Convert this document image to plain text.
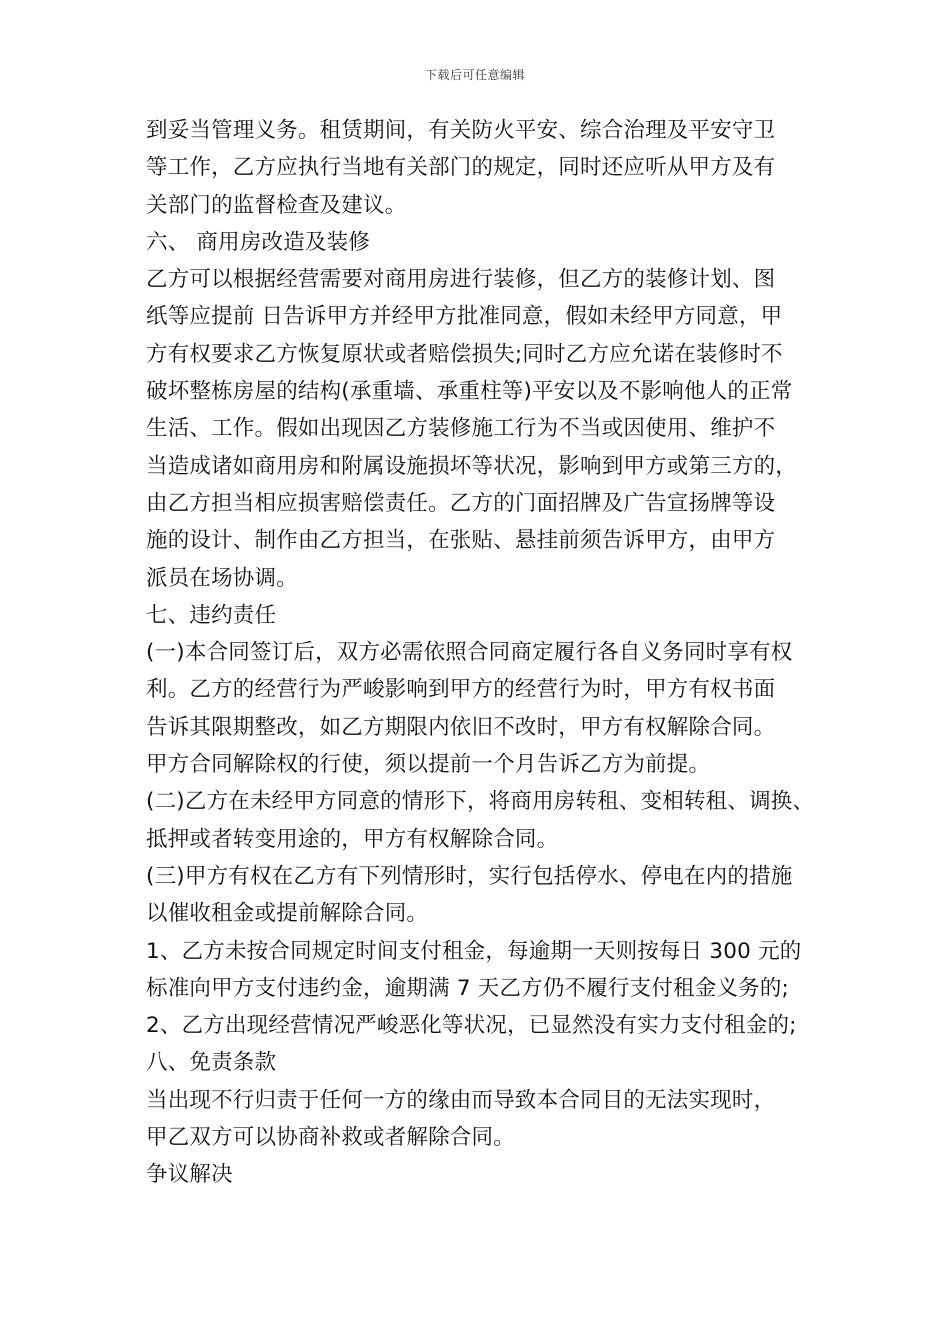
下载后可任意编辑
到妥当管理义务。租赁期间，有关防火平安、综合治理及平安守卫
等工作，乙方应执行当地有关部门的规定，同时还应听从甲方及有
关部门的监督检查及建议。
六、 商用房改造及装修
乙方可以根据经营需要对商用房进行装修，但乙方的装修计划、图
纸等应提前 日告诉甲方并经甲方批准同意，假如未经甲方同意，甲
方有权要求乙方恢复原状或者赔偿损失;同时乙方应允诺在装修时不
破坏整栋房屋的结构(承重墙、承重柱等)平安以及不影响他人的正常
生活、工作。假如出现因乙方装修施工行为不当或因使用、维护不
当造成诸如商用房和附属设施损坏等状况，影响到甲方或第三方的，
由乙方担当相应损害赔偿责任。乙方的门面招牌及广告宣扬牌等设
施的设计、制作由乙方担当，在张贴、悬挂前须告诉甲方，由甲方
派员在场协调。
七、违约责任
(一)本合同签订后，双方必需依照合同商定履行各自义务同时享有权
利。乙方的经营行为严峻影响到甲方的经营行为时，甲方有权书面
告诉其限期整改，如乙方期限内依旧不改时，甲方有权解除合同。
甲方合同解除权的行使，须以提前一个月告诉乙方为前提。
(二)乙方在未经甲方同意的情形下，将商用房转租、变相转租、调换、
抵押或者转变用途的，甲方有权解除合同。
(三)甲方有权在乙方有下列情形时，实行包括停水、停电在内的措施
以催收租金或提前解除合同。
1、乙方未按合同规定时间支付租金，每逾期一天则按每日 300 元的
标准向甲方支付违约金，逾期满 7 天乙方仍不履行支付租金义务的;
2、乙方出现经营情况严峻恶化等状况，已显然没有实力支付租金的;
八、免责条款
当出现不行归责于任何一方的缘由而导致本合同目的无法实现时，
甲乙双方可以协商补救或者解除合同。
争议解决
